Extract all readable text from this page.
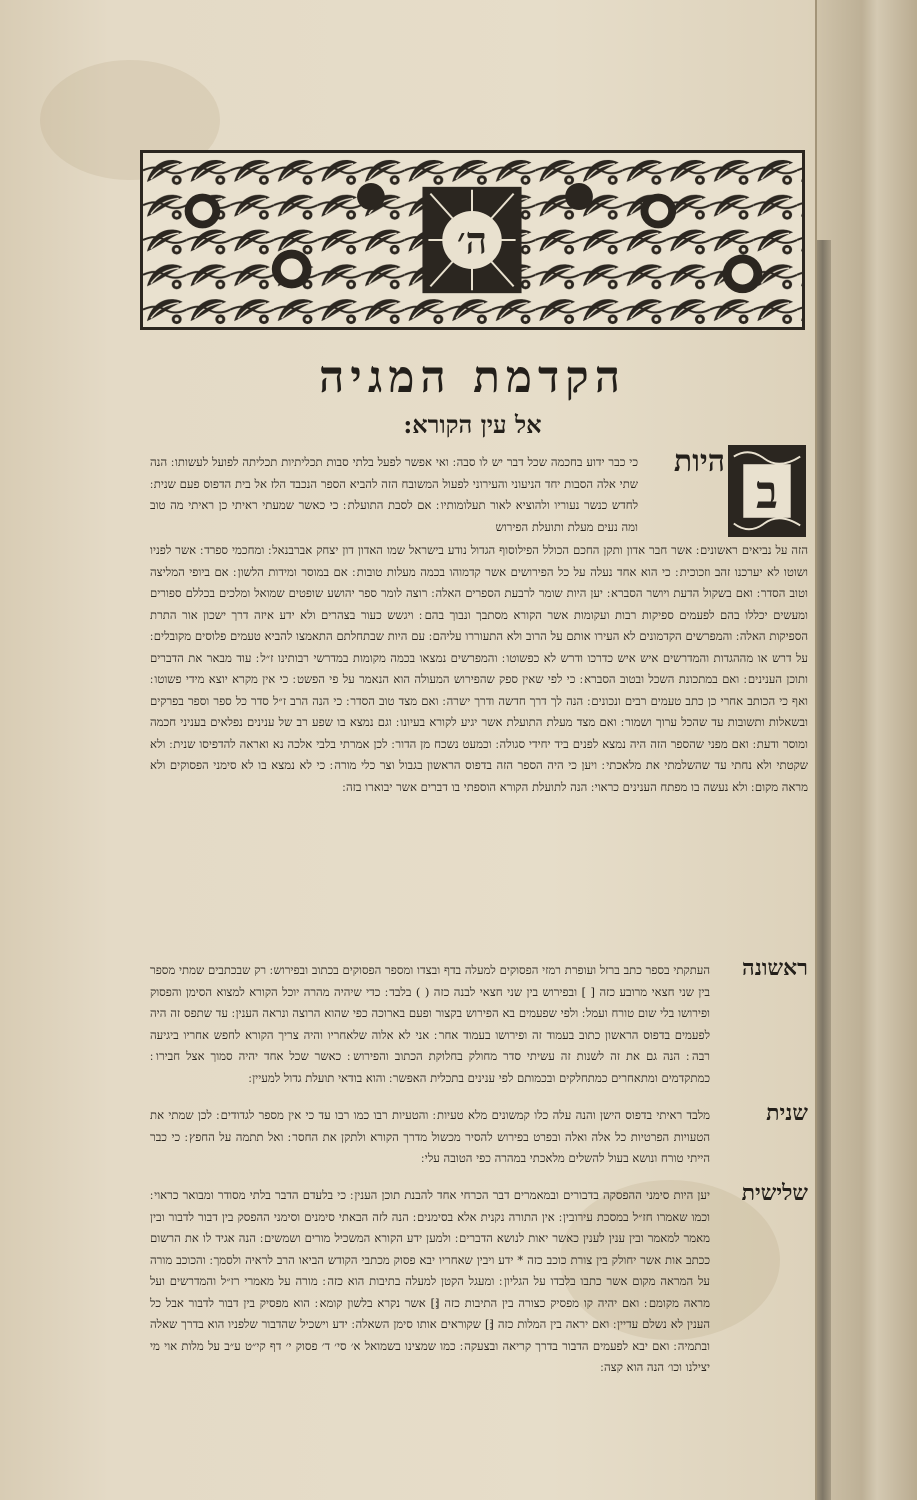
ה׳
הקדמת המגיה
אל עין הקורא:
ב
היות
כי כבר ידוע בחכמה שכל דבר יש לו סבה ׃ ואי אפשר לפעל בלתי סבות תכליתיות תכליתה לפועל לעשותו ׃ הנה שתי אלה הסבות יחד הניעוני והעירוני לפעול המשובח הזה להביא הספר הנכבד הלז אל בית הדפוס פעם שנית ׃ לחדש כנשר נעוריו ולהוציא לאור תעלומותיו ׃ אם לסבת התועלת ׃ כי כאשר שמעתי ראיתי כן ראיתי מה טוב ומה נעים מעלת ותועלת הפירוש
הזה על נביאים ראשונים ׃ אשר חבר אדון ותקן החכם הכולל הפילוסוף הגדול נודע בישראל שמו האדון דון יצחק אברבנאל ׃ ומחכמי ספרד ׃ אשר לפניו ושוטו לא יערכנו זהב וזכוכית ׃ כי הוא אחד נעלה על כל הפירושים אשר קדמוהו בכמה מעלות טובות ׃ אם במוסר ומידות הלשון ׃ אם ביופי המליצה וטוב הסדר ׃ ואם בשקול הדעת ויושר הסברא ׃ יען היות שומר לרבעת הספרים האלה ׃ רוצה לומר ספר יהושע שופטים שמואל ומלכים בכללם ספורים ומעשים יכללו בהם לפעמים ספיקות רבות ועקומות אשר הקורא מסתבך ונבוך בהם ׃ ויגשש כעור בצהרים ולא ידע איזה דרך ישכון אור התרת הספיקות האלה ׃ והמפרשים הקדמונים לא העירו אותם על הרוב ולא התעוררו עליהם ׃ עם היות שבתחלתם התאמצו להביא טעמים פלוסים מקובלים ׃ על דרש או מההגדות והמדרשים איש איש כדרכו ודרש לא כפשוטו ׃ והמפרשים נמצאו בכמה מקומות במדרשי רבותינו ז״ל ׃ עוד מבאר את הדברים ותוכן הענינים ׃ ואם במתכונת השכל ובטוב הסברא ׃ כי לפי שאין ספק שהפירוש המעולה הוא הנאמר על פי הפשט ׃ כי אין מקרא יוצא מידי פשוטו ׃ ואף כי הכותב אחרי כן כתב טעמים רבים ונכונים ׃ הנה לך דרך חדשה ודרך ישרה ׃ ואם מצד טוב הסדר ׃ כי הנה הרב ז״ל סדר כל ספר וספר בפרקים ובשאלות ותשובות עד שהכל ערוך ושמור ׃ ואם מצד מעלת התועלת אשר יגיע לקורא בעיונו ׃ וגם נמצא בו שפע רב של ענינים נפלאים בעניני חכמה ומוסר ודעת ׃ ואם מפני שהספר הזה היה נמצא לפנים ביד יחידי סגולה ׃ וכמעט נשכח מן הדור ׃ לכן אמרתי בלבי אלכה נא ואראה להדפיסו שנית ׃ ולא שקטתי ולא נחתי עד שהשלמתי את מלאכתי ׃ ויען כי היה הספר הזה בדפוס הראשון בגבול וצר כלי מורה ׃ כי לא נמצא בו לא סימני הפסוקים ולא מראה מקום ׃ ולא נעשה בו מפתח הענינים כראוי ׃ הנה לתועלת הקורא הוספתי בו דברים אשר יבוארו בזה ׃
ראשונה
העתקתי בספר כתב ברזל ועופרת רמזי הפסוקים למעלה בדף ובצדו ומספר הפסוקים בכתוב ובפירוש ׃ רק שבכתבים שמתי מספר בין שני חצאי מרובע כזה [ ] ובפירוש בין שני חצאי לבנה כזה ( ) בלבד ׃ כדי שיהיה מהרה יוכל הקורא למצוא הסימן והפסוק ופירושו בלי שום טורח ועמל ׃ ולפי שפעמים בא הפירוש בקצור ופעם בארוכה כפי שהוא הרוצה ונראה הענין ׃ עד שתפס זה היה לפעמים בדפוס הראשון כתוב בעמוד זה ופירושו בעמוד אחר ׃ אני לא אלוה שלאחריו והיה צריך הקורא לחפש אחריו ביגיעה רבה ׃ הנה גם את זה לשנות זה עשיתי סדר מחולק בחלוקת הכתוב והפירוש ׃ כאשר שכל אחד יהיה סמוך אצל חבירו ׃ כמתקדמים ומתאחרים כמתחלקים ובכמותם לפי ענינים בתכלית האפשר ׃ והוא בודאי תועלת גדול למעיין ׃
שנית
מלבד ראיתי בדפוס הישן והנה עלה כלו קמשונים מלא טעיות ׃ והטעיות רבו כמו רבו עד כי אין מספר לגדודים ׃ לכן שמתי את הטעויות הפרטיות כל אלה ואלה ובפרט בפירוש להסיר מכשול מדרך הקורא ולתקן את החסר ׃ ואל תתמה על החפץ ׃ כי כבר הייתי טורח ונושא בעול להשלים מלאכתי במהרה כפי הטובה עלי ׃
שלישית
יען היות סימני ההפסקה בדבורים ובמאמרים דבר הכרחי אחד להבנת תוכן הענין ׃ כי בלעדם הדבר בלתי מסודר ומבואר כראוי ׃ וכמו שאמרו חז״ל במסכת עירובין ׃ אין התורה נקנית אלא בסימנים ׃ הנה לזה הבאתי סימנים וסימני ההפסק בין דבור לדבור ובין מאמר למאמר ובין ענין לענין כאשר יאות לנושא הדברים ׃ ולמען ידע הקורא המשכיל מורים ושמשים ׃ הנה אגיד לו את הרשום ככתב אות אשר יחולק בין צורת כוכב כזה * ידע ויבין שאחריו יבא פסוק מכתבי הקודש הביאו הרב לראיה ולסמך ׃ והכוכב מורה על המראה מקום אשר כתבו בלבדו על הגליון ׃ ומעגל הקטן למעלה בתיבות הוא כזה ׃ מורה על מאמרי רז״ל והמדרשים ועל מראה מקומם ׃ ואם יהיה קו מפסיק כצורה בין התיבות כזה [׃] אשר נקרא בלשון קומא ׃ הוא מפסיק בין דבור לדבור אבל כל הענין לא נשלם עדיין ׃ ואם יראה בין המלות כזה [׃] שקוראים אותו סימן השאלה ׃ ידע וישכיל שהדבור שלפניו הוא בדרך שאלה ובתמיה ׃ ואם יבא לפעמים הדבור בדרך קריאה ובצעקה ׃ כמו שמצינו בשמואל א׳ סי׳ ד׳ פסוק י׳ דף קי״ט ע״ב על מלות אוי מי יצילנו וכו׳ הנה הוא קצה ׃
